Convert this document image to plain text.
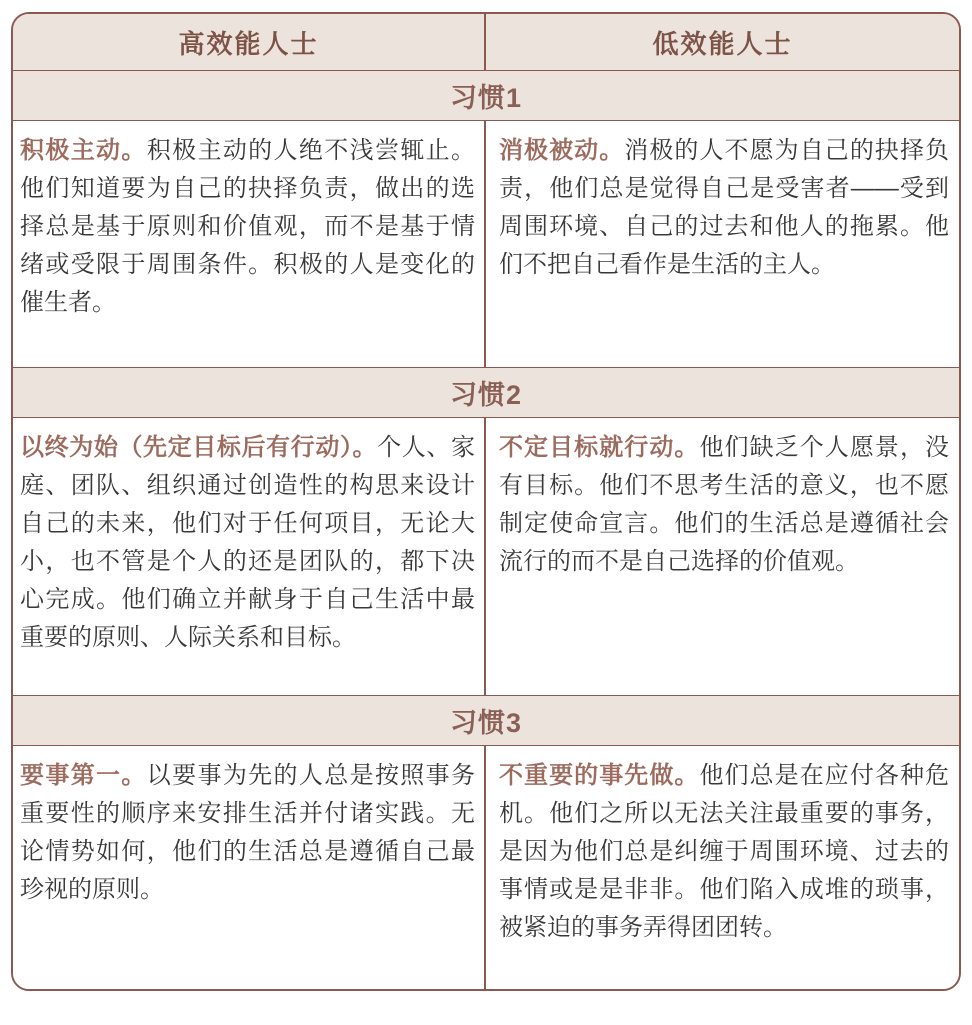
高效能人士	低效能人士
习惯1

积极主动。积极主动的人绝不浅尝辄止。他们知道要为自己的抉择负责，做出的选择总是基于原则和价值观，而不是基于情绪或受限于周围条件。积极的人是变化的催生者。

消极被动。消极的人不愿为自己的抉择负责，他们总是觉得自己是受害者——受到周围环境、自己的过去和他人的拖累。他们不把自己看作是生活的主人。

习惯2

以终为始（先定目标后有行动）。个人、家庭、团队、组织通过创造性的构思来设计自己的未来，他们对于任何项目，无论大小，也不管是个人的还是团队的，都下决心完成。他们确立并献身于自己生活中最重要的原则、人际关系和目标。

不定目标就行动。他们缺乏个人愿景，没有目标。他们不思考生活的意义，也不愿制定使命宣言。他们的生活总是遵循社会流行的而不是自己选择的价值观。

习惯3

要事第一。以要事为先的人总是按照事务重要性的顺序来安排生活并付诸实践。无论情势如何，他们的生活总是遵循自己最珍视的原则。

不重要的事先做。他们总是在应付各种危机。他们之所以无法关注最重要的事务，是因为他们总是纠缠于周围环境、过去的事情或是是非非。他们陷入成堆的琐事，被紧迫的事务弄得团团转。
